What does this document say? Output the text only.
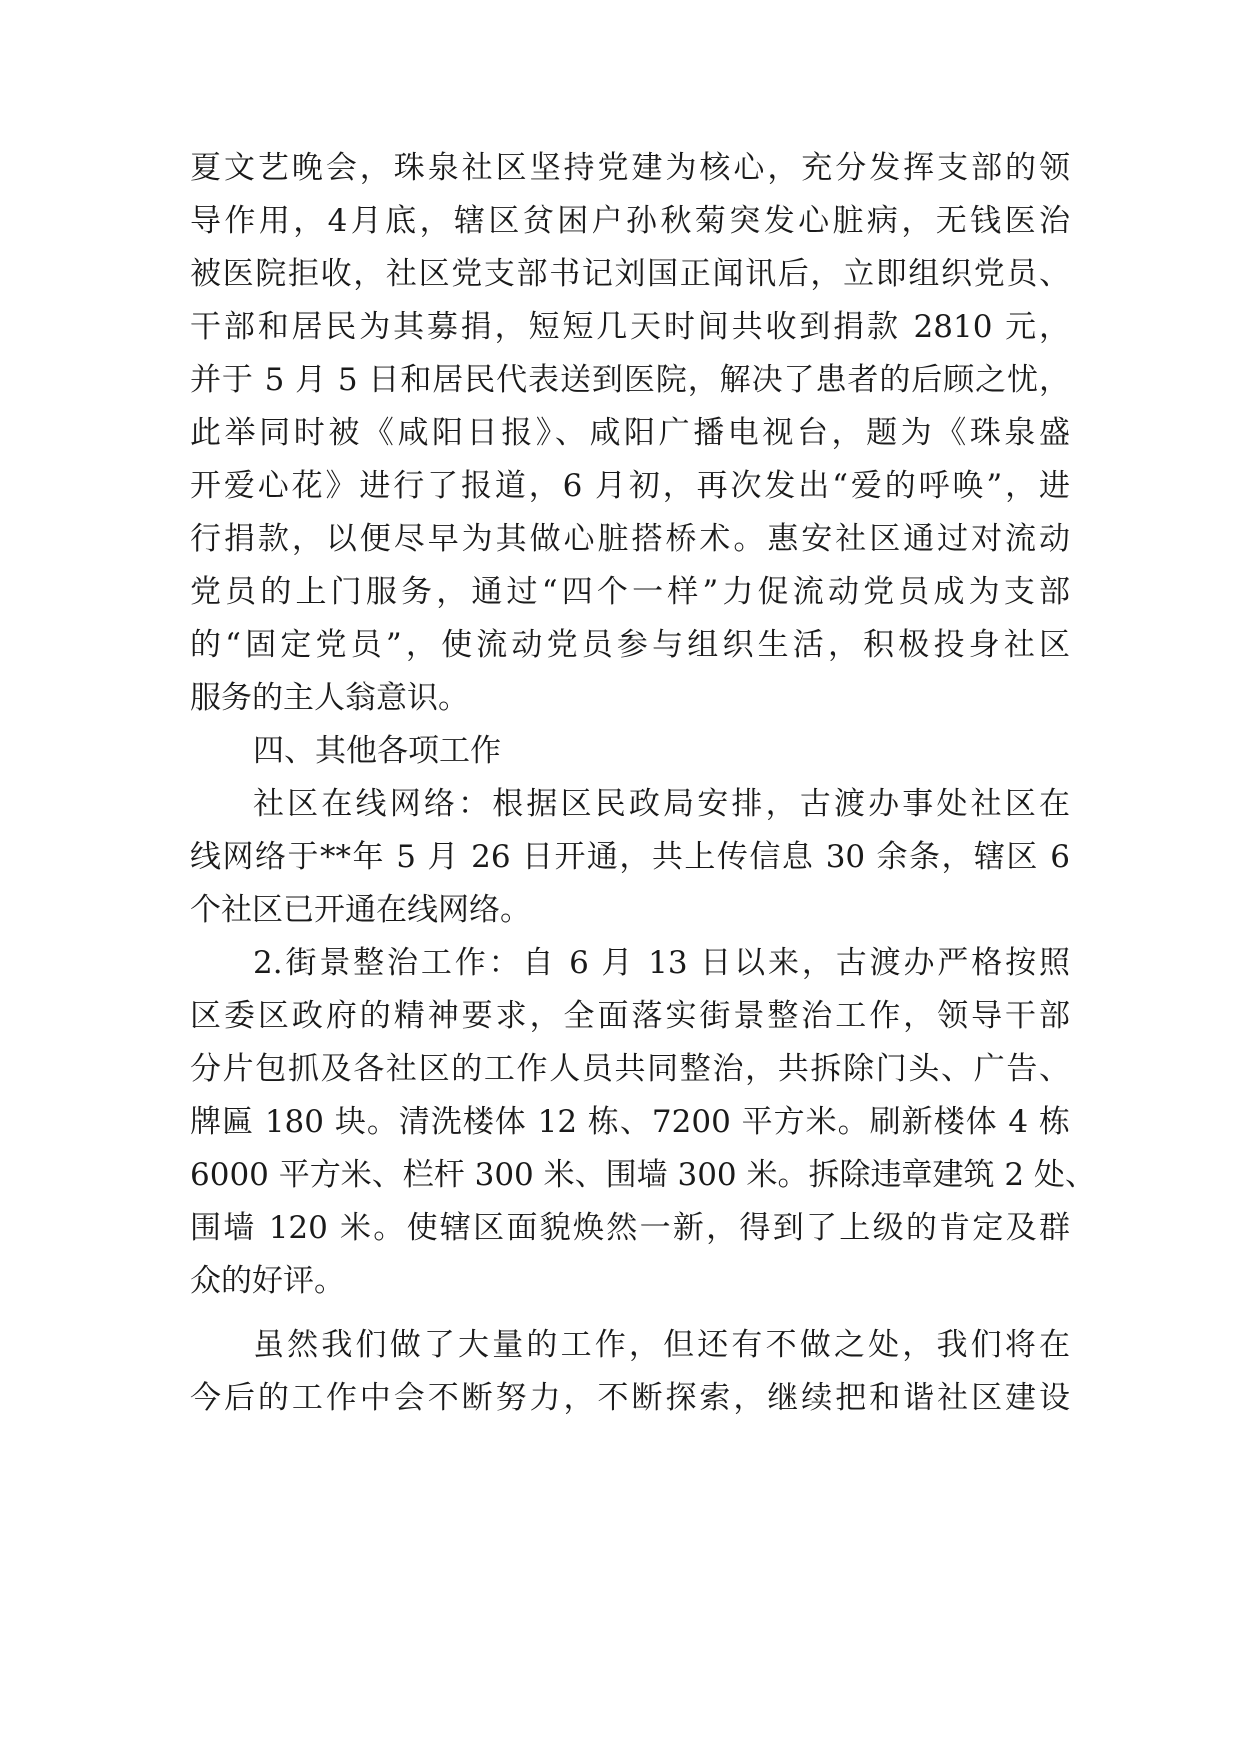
夏文艺晚会，珠泉社区坚持党建为核心，充分发挥支部的领
导作用，4月底，辖区贫困户孙秋菊突发心脏病，无钱医治
被医院拒收，社区党支部书记刘国正闻讯后，立即组织党员、
干部和居民为其募捐，短短几天时间共收到捐款 2810 元，
并于 5 月 5 日和居民代表送到医院，解决了患者的后顾之忧，
此举同时被《咸阳日报》、咸阳广播电视台，题为《珠泉盛
开爱心花》进行了报道，6 月初，再次发出“爱的呼唤”，进
行捐款，以便尽早为其做心脏搭桥术。惠安社区通过对流动
党员的上门服务，通过“四个一样”力促流动党员成为支部
的“固定党员”，使流动党员参与组织生活，积极投身社区
服务的主人翁意识。
四、其他各项工作
社区在线网络：根据区民政局安排，古渡办事处社区在
线网络于**年 5 月 26 日开通，共上传信息 30 余条，辖区 6
个社区已开通在线网络。
2.街景整治工作：自 6 月 13 日以来，古渡办严格按照
区委区政府的精神要求，全面落实街景整治工作，领导干部
分片包抓及各社区的工作人员共同整治，共拆除门头、广告、
牌匾 180 块。清洗楼体 12 栋、7200 平方米。刷新楼体 4 栋
6000 平方米、栏杆 300 米、围墙 300 米。拆除违章建筑 2 处、
围墙 120 米。使辖区面貌焕然一新，得到了上级的肯定及群
众的好评。
虽然我们做了大量的工作，但还有不做之处，我们将在
今后的工作中会不断努力，不断探索，继续把和谐社区建设
